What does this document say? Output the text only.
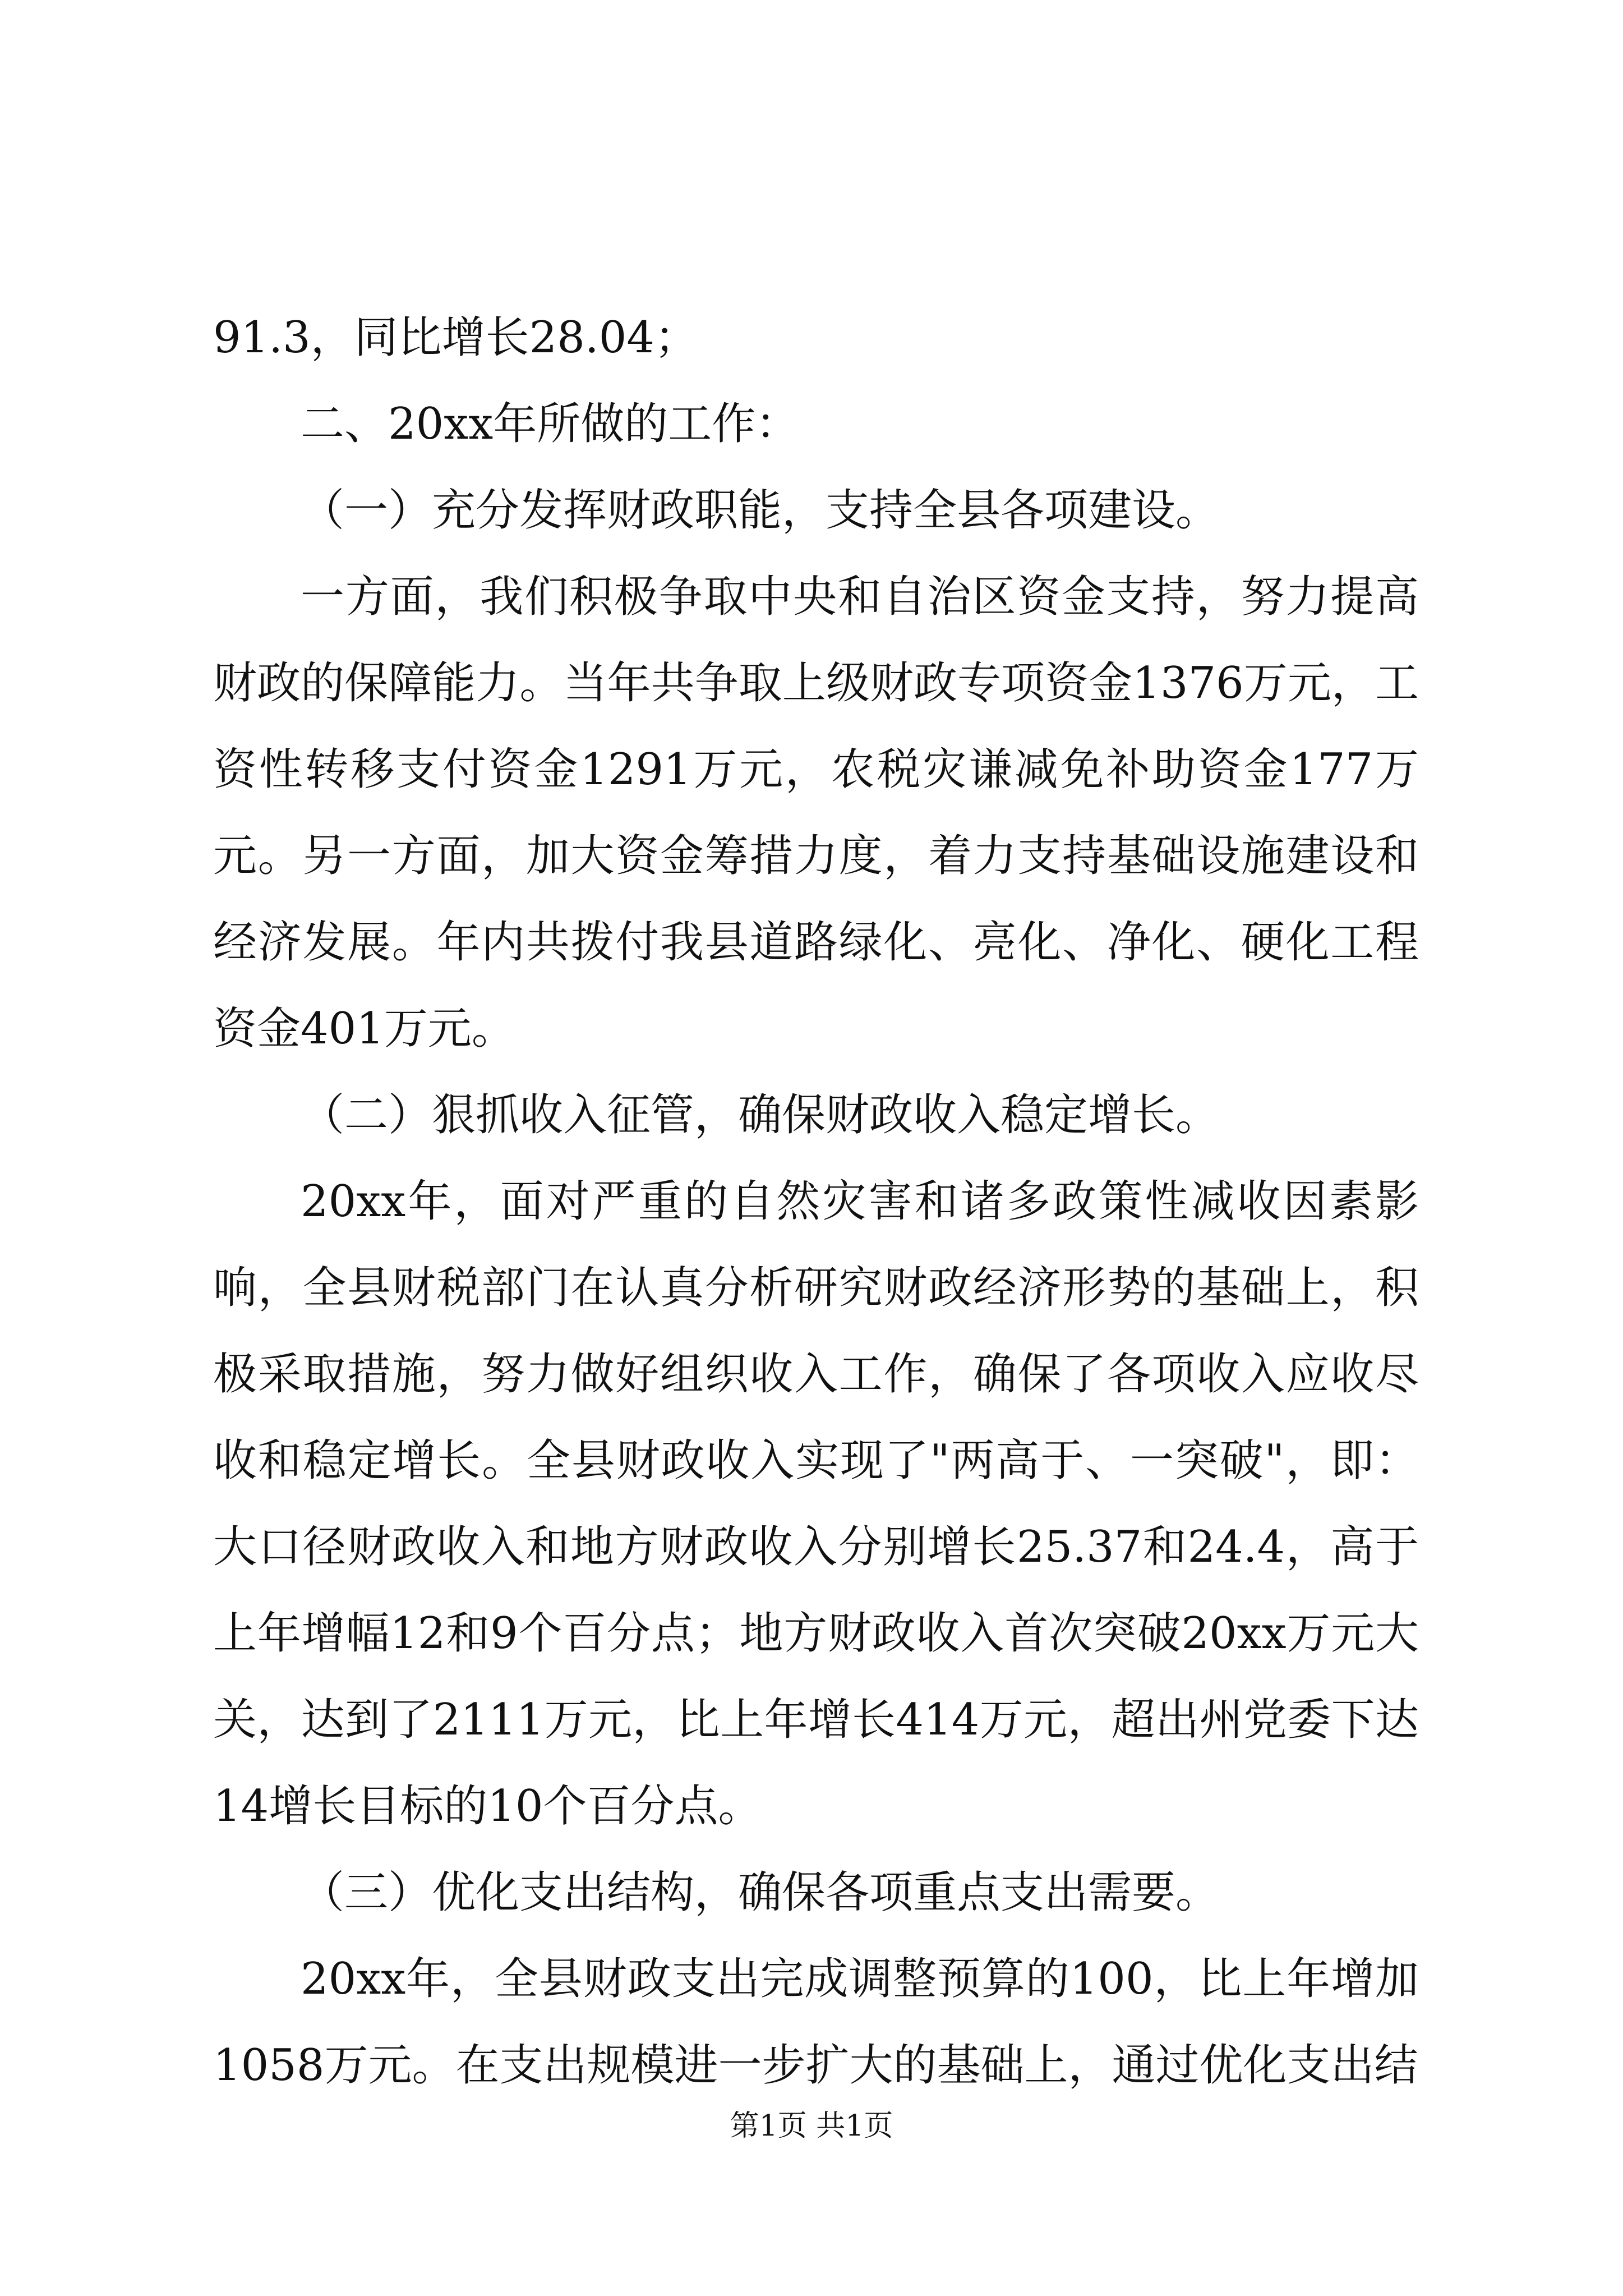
91.3，同比增长28.04；

二、20xx年所做的工作：

（一）充分发挥财政职能，支持全县各项建设。

一方面，我们积极争取中央和自治区资金支持，努力提高财政的保障能力。当年共争取上级财政专项资金1376万元，工资性转移支付资金1291万元，农税灾谦减免补助资金177万元。另一方面，加大资金筹措力度，着力支持基础设施建设和经济发展。年内共拨付我县道路绿化、亮化、净化、硬化工程资金401万元。

（二）狠抓收入征管，确保财政收入稳定增长。

20xx年，面对严重的自然灾害和诸多政策性减收因素影响，全县财税部门在认真分析研究财政经济形势的基础上，积极采取措施，努力做好组织收入工作，确保了各项收入应收尽收和稳定增长。全县财政收入实现了"两高于、一突破"，即：大口径财政收入和地方财政收入分别增长25.37和24.4，高于上年增幅12和9个百分点；地方财政收入首次突破20xx万元大关，达到了2111万元，比上年增长414万元，超出州党委下达14增长目标的10个百分点。

（三）优化支出结构，确保各项重点支出需要。

20xx年，全县财政支出完成调整预算的100，比上年增加1058万元。在支出规模进一步扩大的基础上，通过优化支出结

第1页 共1页
